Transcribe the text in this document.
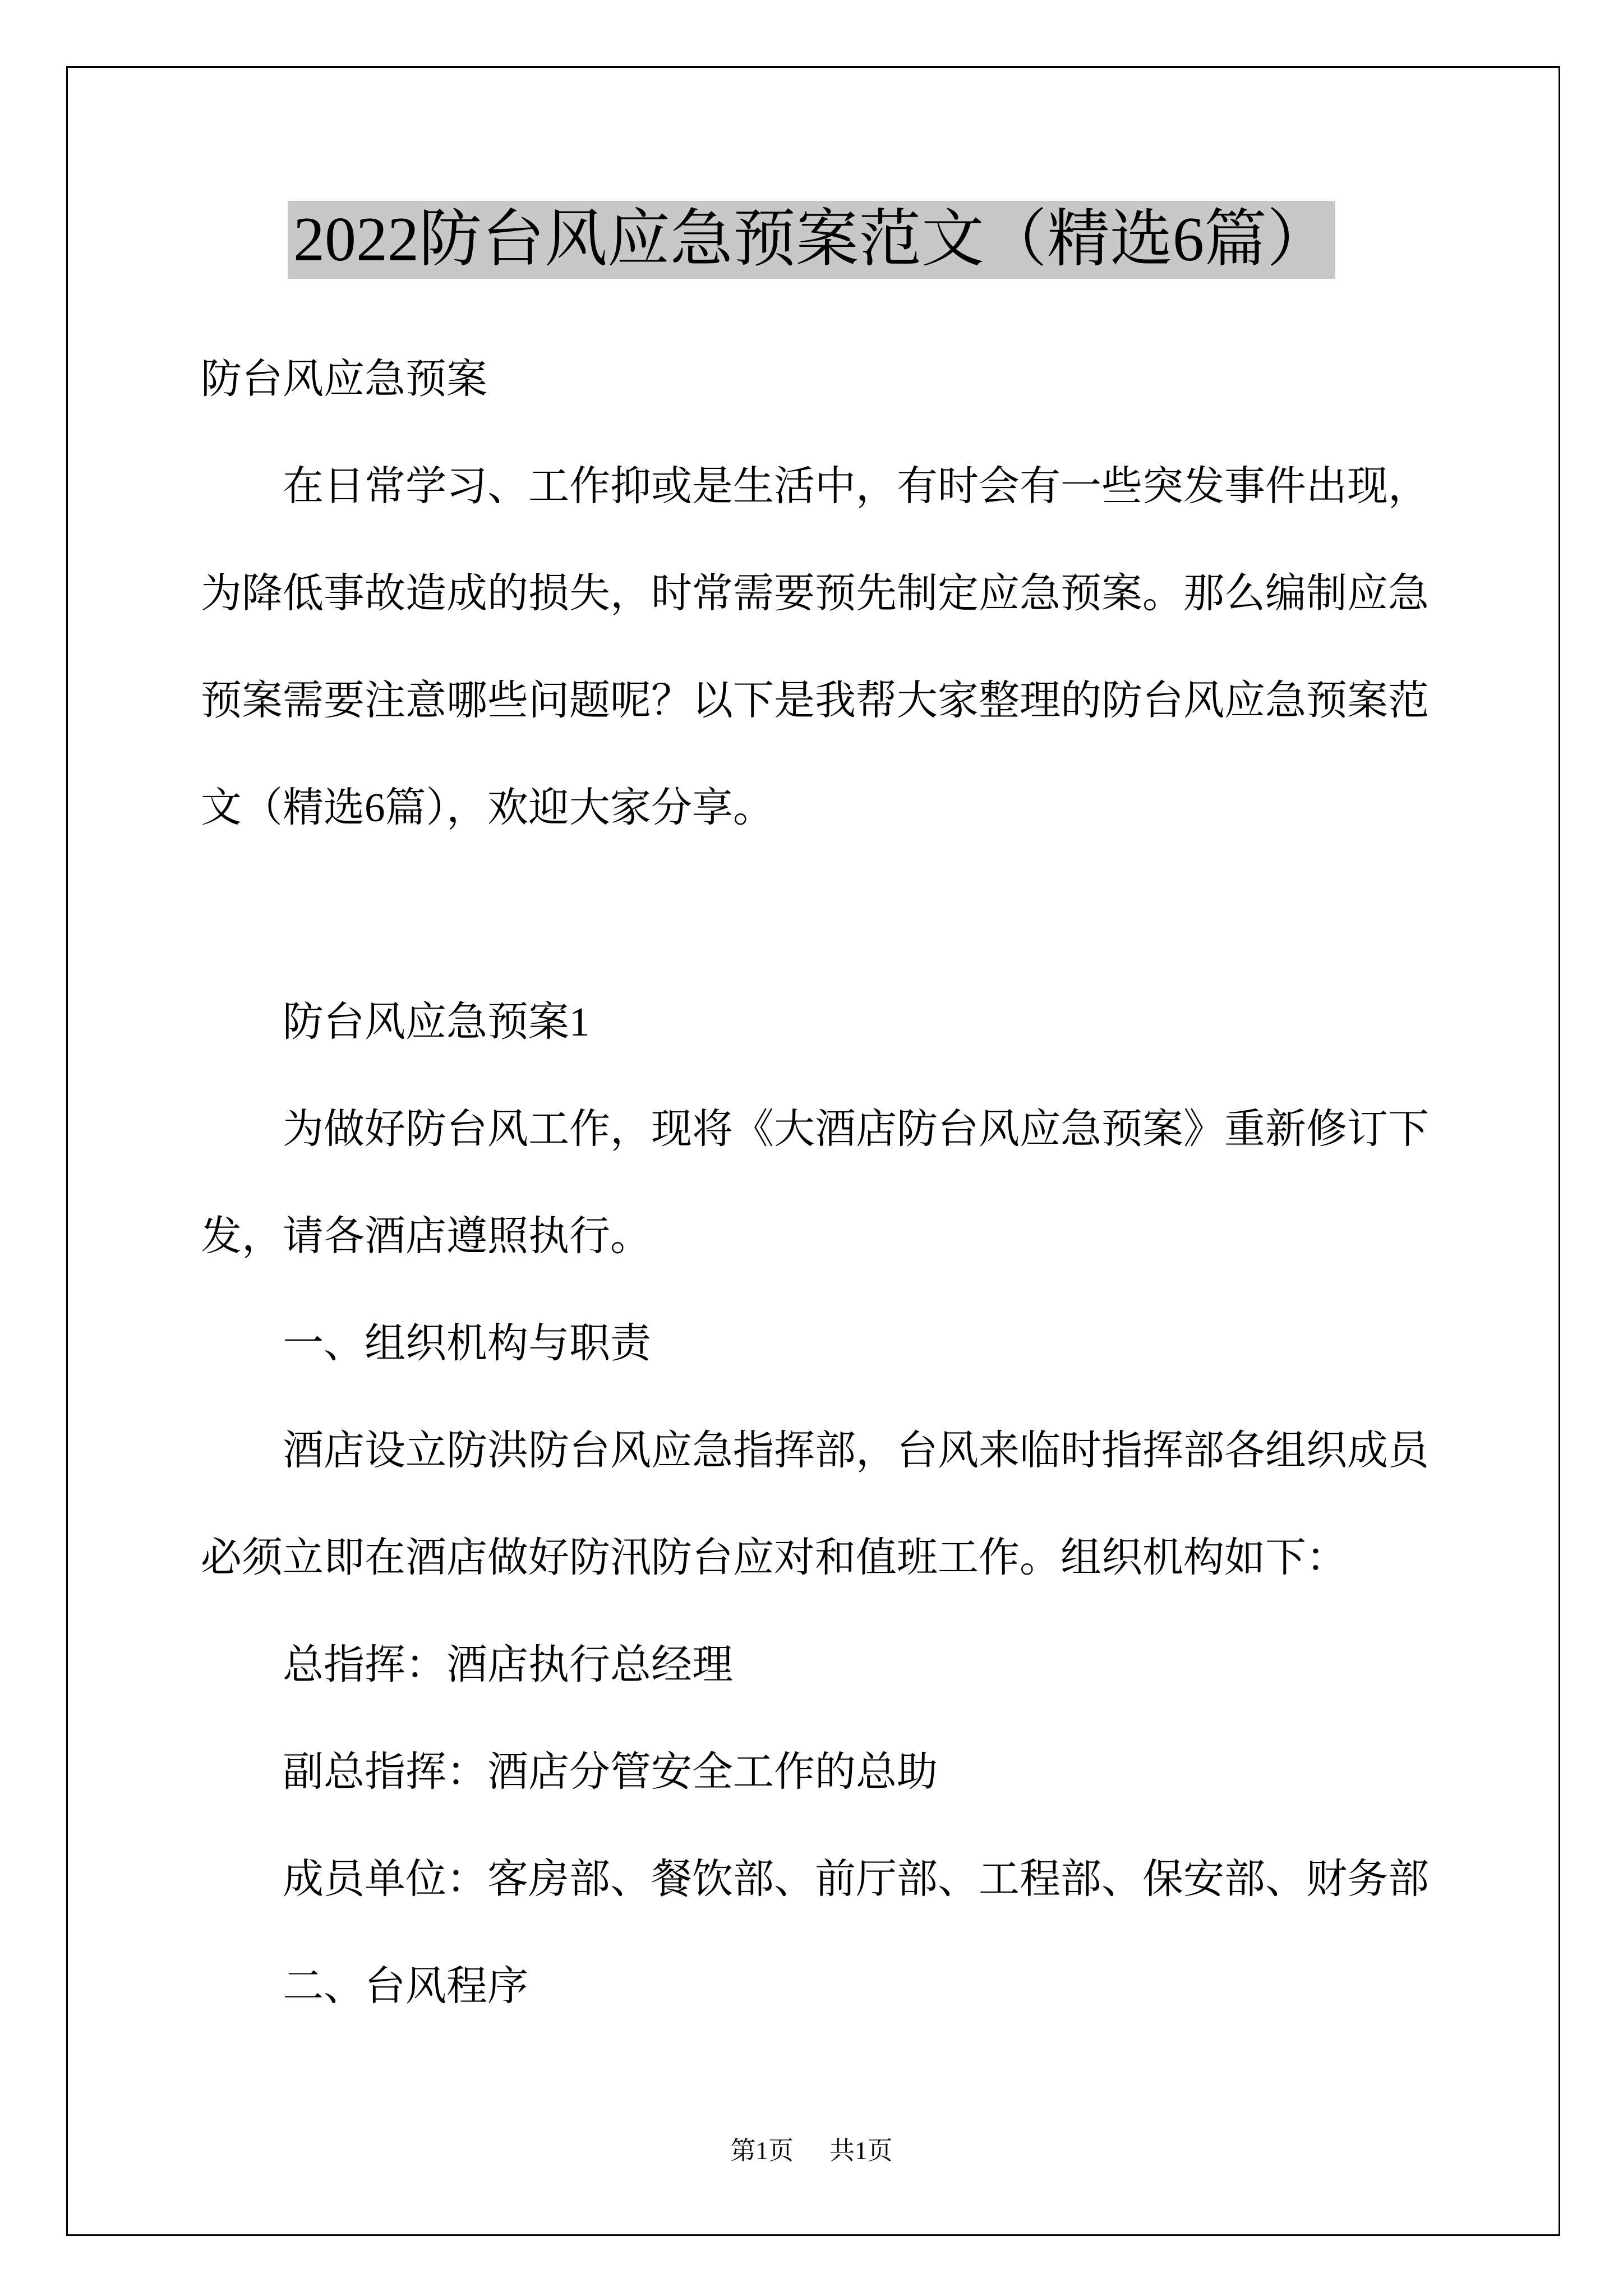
2022防台风应急预案范文（精选6篇）
防台风应急预案
在日常学习、工作抑或是生活中，有时会有一些突发事件出现，
为降低事故造成的损失，时常需要预先制定应急预案。那么编制应急
预案需要注意哪些问题呢？以下是我帮大家整理的防台风应急预案范
文（精选6篇），欢迎大家分享。
防台风应急预案1
为做好防台风工作，现将《大酒店防台风应急预案》重新修订下
发，请各酒店遵照执行。
一、组织机构与职责
酒店设立防洪防台风应急指挥部，台风来临时指挥部各组织成员
必须立即在酒店做好防汛防台应对和值班工作。组织机构如下：
总指挥：酒店执行总经理
副总指挥：酒店分管安全工作的总助
成员单位：客房部、餐饮部、前厅部、工程部、保安部、财务部
二、台风程序
第1页 共1页
